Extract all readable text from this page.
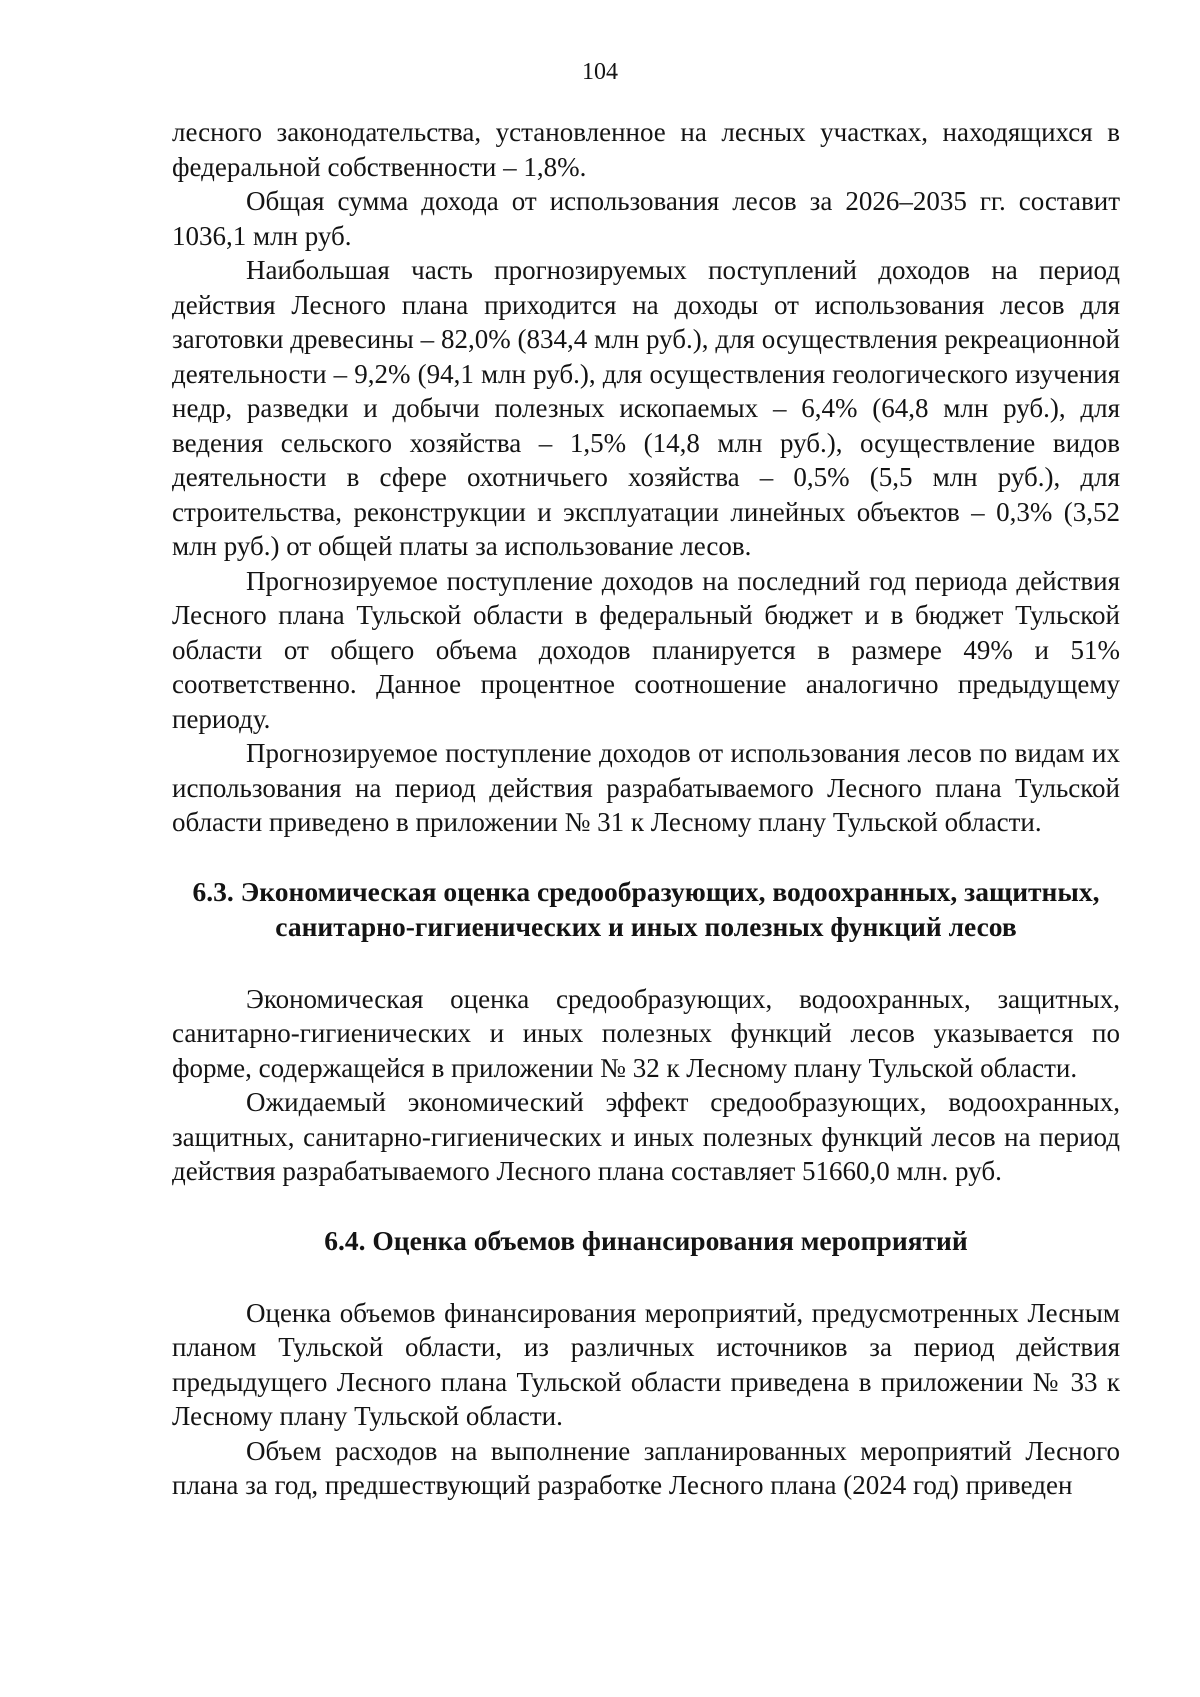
104

лесного законодательства, установленное на лесных участках, находящихся в федеральной собственности – 1,8%.

Общая сумма дохода от использования лесов за 2026–2035 гг. составит 1036,1 млн руб.

Наибольшая часть прогнозируемых поступлений доходов на период действия Лесного плана приходится на доходы от использования лесов для заготовки древесины – 82,0% (834,4 млн руб.), для осуществления рекреационной деятельности – 9,2% (94,1 млн руб.), для осуществления геологического изучения недр, разведки и добычи полезных ископаемых – 6,4% (64,8 млн руб.), для ведения сельского хозяйства – 1,5% (14,8 млн руб.), осуществление видов деятельности в сфере охотничьего хозяйства – 0,5% (5,5 млн руб.), для строительства, реконструкции и эксплуатации линейных объектов – 0,3% (3,52 млн руб.) от общей платы за использование лесов.

Прогнозируемое поступление доходов на последний год периода действия Лесного плана Тульской области в федеральный бюджет и в бюджет Тульской области от общего объема доходов планируется в размере 49% и 51% соответственно. Данное процентное соотношение аналогично предыдущему периоду.

Прогнозируемое поступление доходов от использования лесов по видам их использования на период действия разрабатываемого Лесного плана Тульской области приведено в приложении № 31 к Лесному плану Тульской области.

6.3. Экономическая оценка средообразующих, водоохранных, защитных,
санитарно-гигиенических и иных полезных функций лесов

Экономическая оценка средообразующих, водоохранных, защитных, санитарно-гигиенических и иных полезных функций лесов указывается по форме, содержащейся в приложении № 32 к Лесному плану Тульской области.

Ожидаемый экономический эффект средообразующих, водоохранных, защитных, санитарно-гигиенических и иных полезных функций лесов на период действия разрабатываемого Лесного плана составляет 51660,0 млн. руб.

6.4. Оценка объемов финансирования мероприятий

Оценка объемов финансирования мероприятий, предусмотренных Лесным планом Тульской области, из различных источников за период действия предыдущего Лесного плана Тульской области приведена в приложении № 33 к Лесному плану Тульской области.

Объем расходов на выполнение запланированных мероприятий Лесного плана за год, предшествующий разработке Лесного плана (2024 год) приведен
